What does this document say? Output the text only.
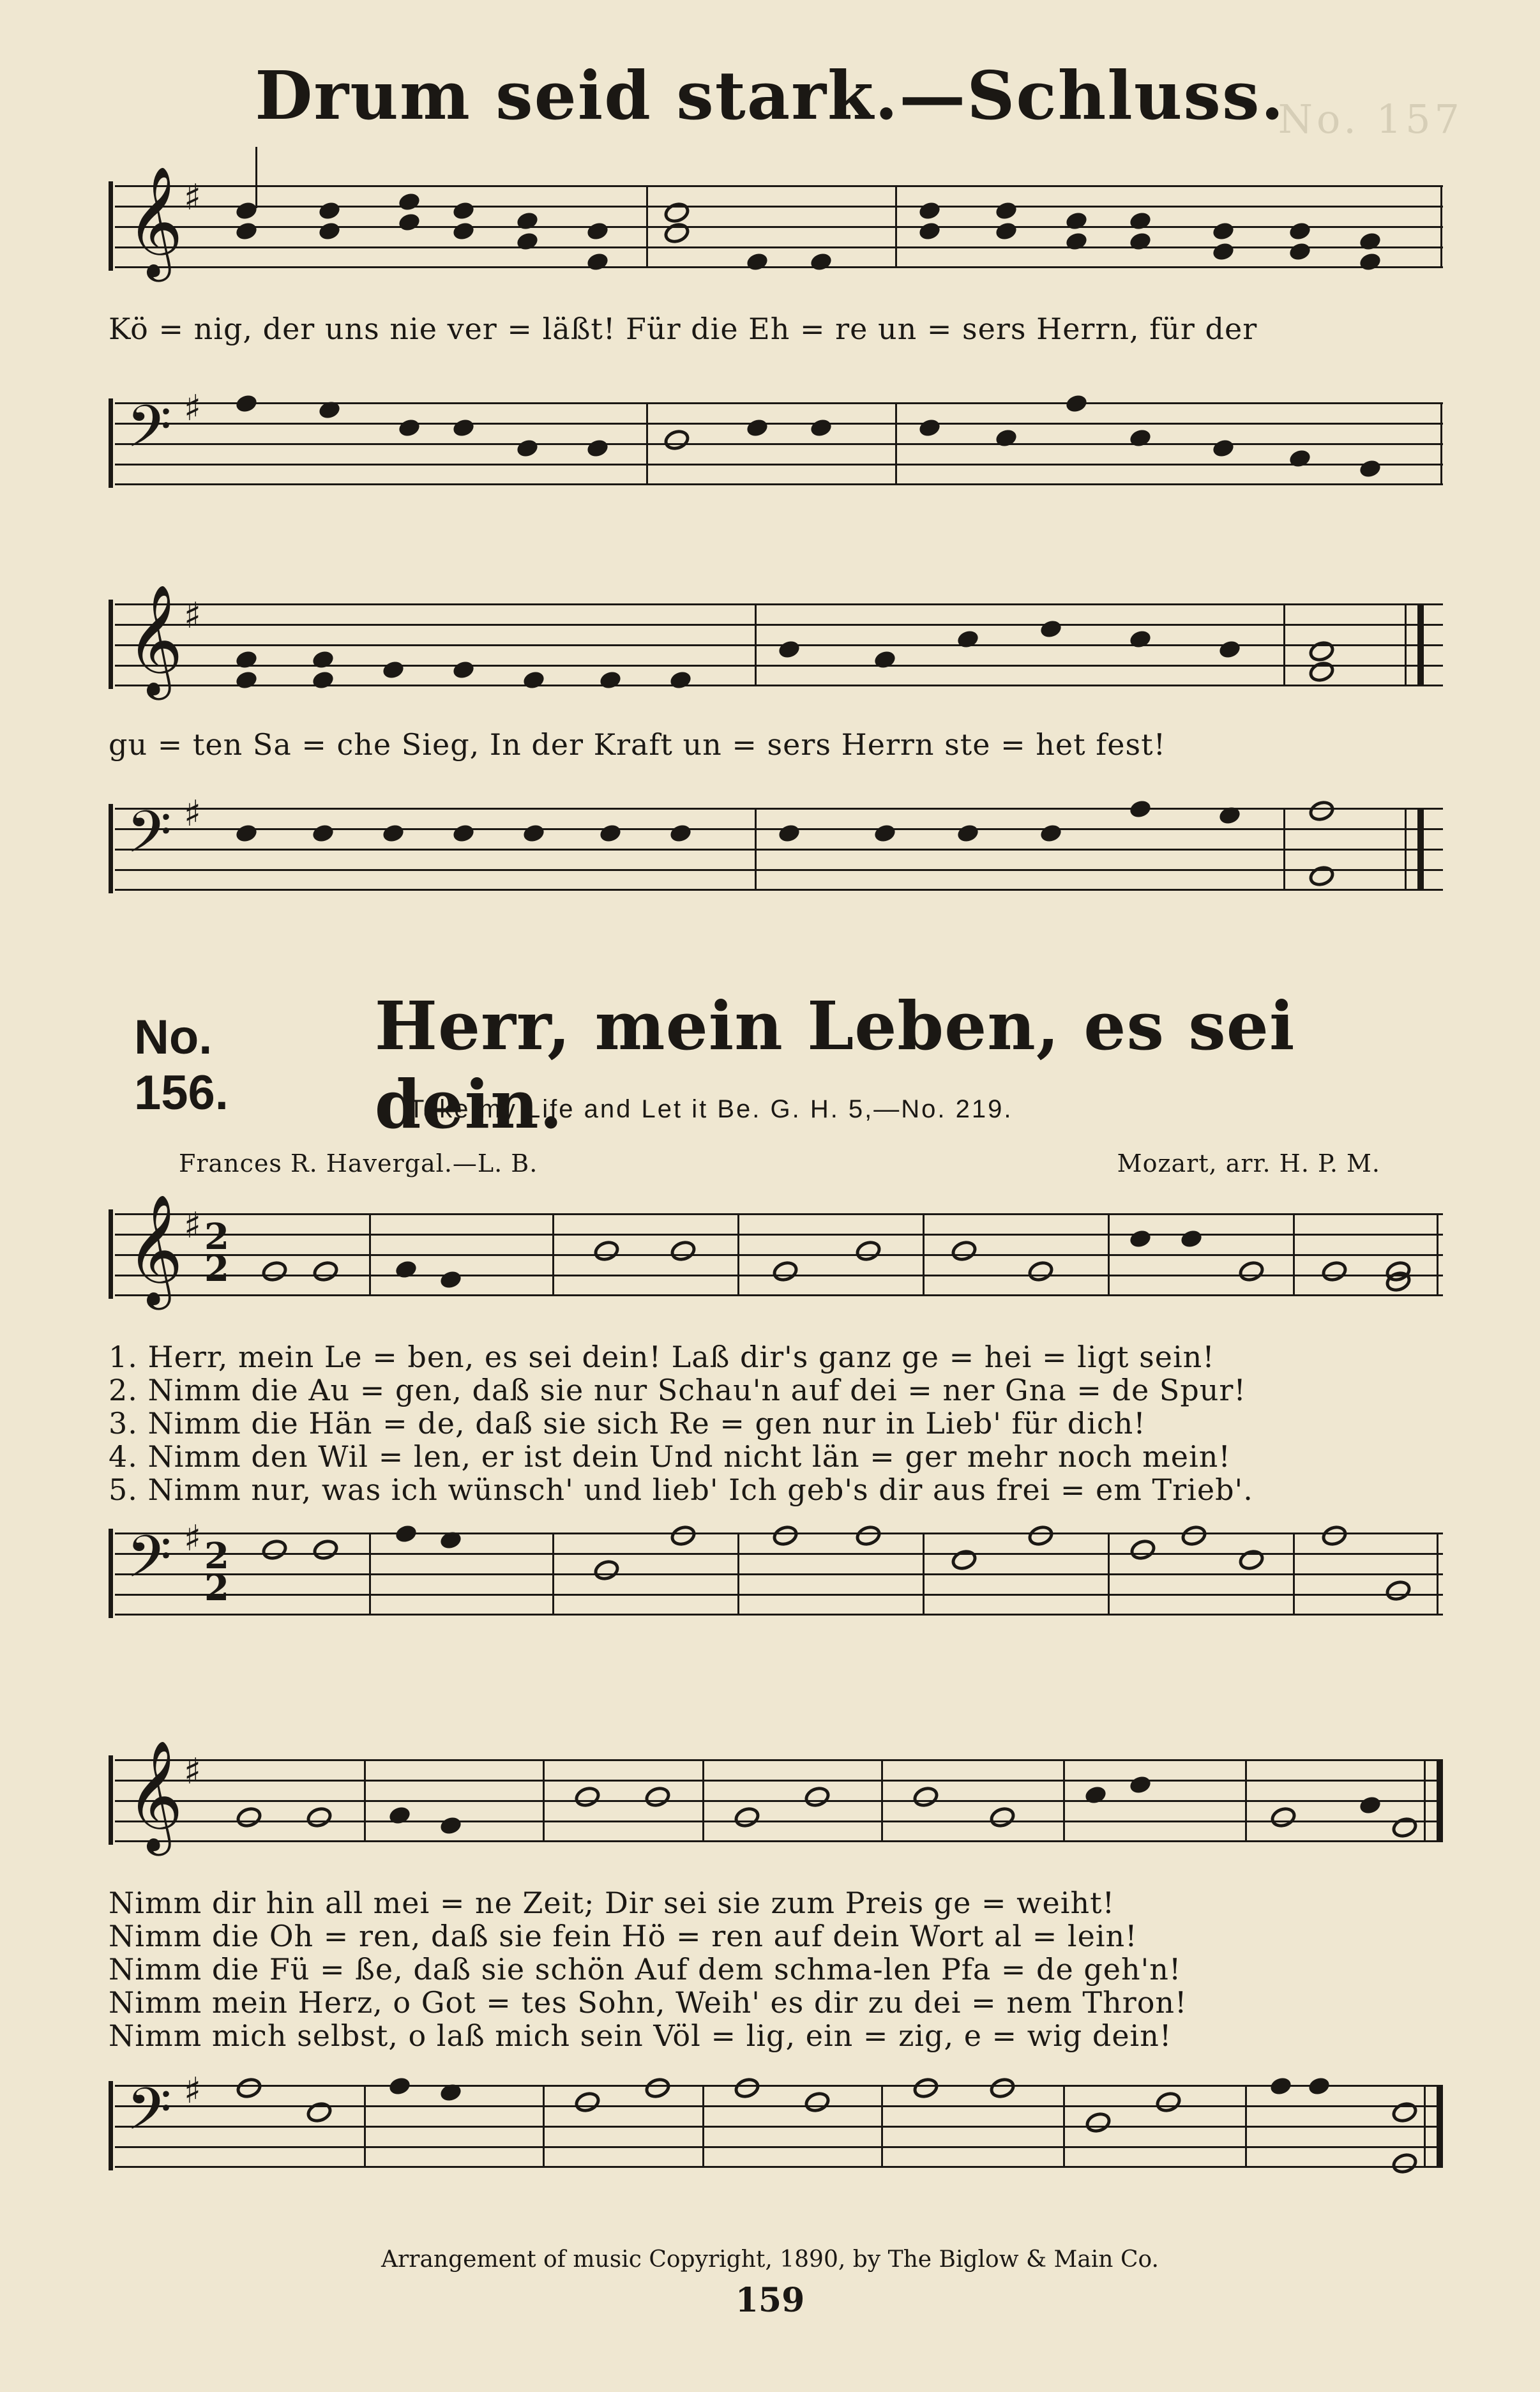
No. 157
Drum seid stark.—Schluss.
𝄞 ♯
Kö = nig, der uns nie ver = läßt! Für die Eh = re un = sers Herrn, für der
𝄢 ♯
𝄞 ♯
gu = ten Sa = che Sieg, In der Kraft un = sers Herrn ste = het fest!
𝄢 ♯
No. 156.
Herr, mein Leben, es sei dein.
Take my Life and Let it Be. G. H. 5,—No. 219.
Frances R. Havergal.—L. B.	Mozart, arr. H. P. M.
𝄞 ♯ 2
2
1. Herr, mein Le = ben, es sei dein! Laß dir's ganz ge = hei = ligt sein!
2. Nimm die Au = gen, daß sie nur Schau'n auf dei = ner Gna = de Spur!
3. Nimm die Hän = de, daß sie sich Re = gen nur in Lieb' für dich!
4. Nimm den Wil = len, er ist dein Und nicht län = ger mehr noch mein!
5. Nimm nur, was ich wünsch' und lieb' Ich geb's dir aus frei = em Trieb'.
𝄢 ♯ 2
2
𝄞 ♯
Nimm dir hin all mei = ne Zeit; Dir sei sie zum Preis ge = weiht!
Nimm die Oh = ren, daß sie fein Hö = ren auf dein Wort al = lein!
Nimm die Fü = ße, daß sie schön Auf dem schma-len Pfa = de geh'n!
Nimm mein Herz, o Got = tes Sohn, Weih' es dir zu dei = nem Thron!
Nimm mich selbst, o laß mich sein Völ = lig, ein = zig, e = wig dein!
𝄢 ♯
Arrangement of music Copyright, 1890, by The Biglow & Main Co.
159
